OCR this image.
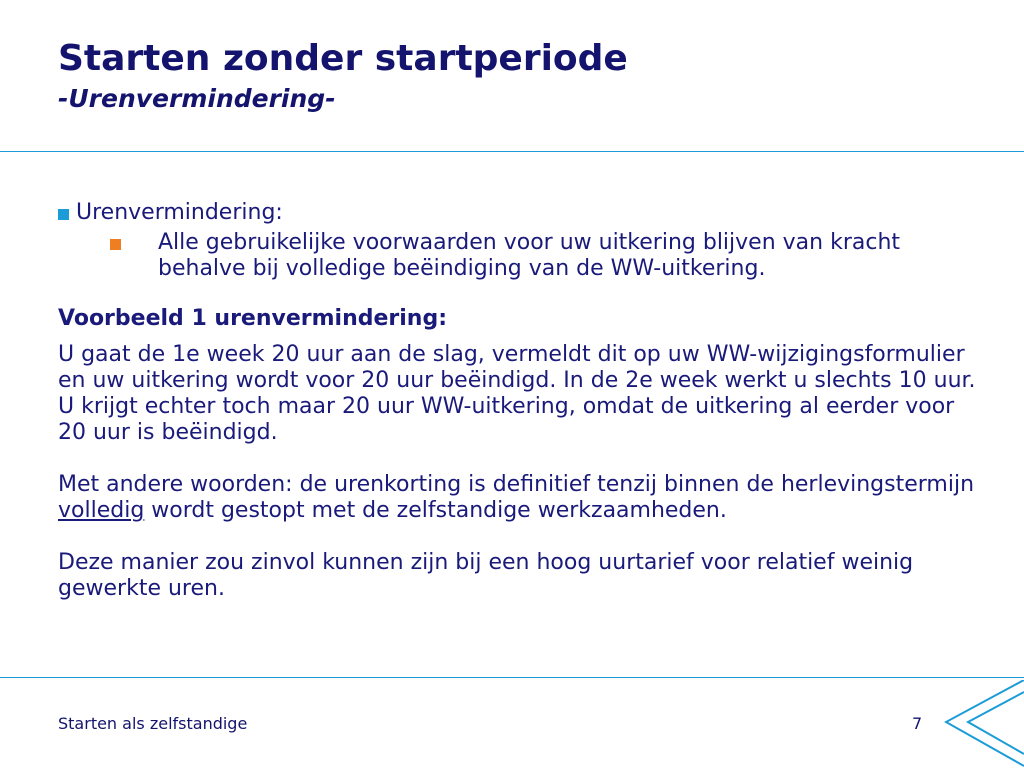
Starten zonder startperiode
-Urenvermindering-

Urenvermindering:

Alle gebruikelijke voorwaarden voor uw uitkering blijven van kracht behalve bij volledige beëindiging van de WW-uitkering.

Voorbeeld 1 urenvermindering:

U gaat de 1e week 20 uur aan de slag, vermeldt dit op uw WW-wijzigingsformulier en uw uitkering wordt voor 20 uur beëindigd. In de 2e week werkt u slechts 10 uur. U krijgt echter toch maar 20 uur WW-uitkering, omdat de uitkering al eerder voor 20 uur is beëindigd.

Met andere woorden: de urenkorting is definitief tenzij binnen de herlevingstermijn volledig wordt gestopt met de zelfstandige werkzaamheden.

Deze manier zou zinvol kunnen zijn bij een hoog uurtarief voor relatief weinig gewerkte uren.

Starten als zelfstandige	7
